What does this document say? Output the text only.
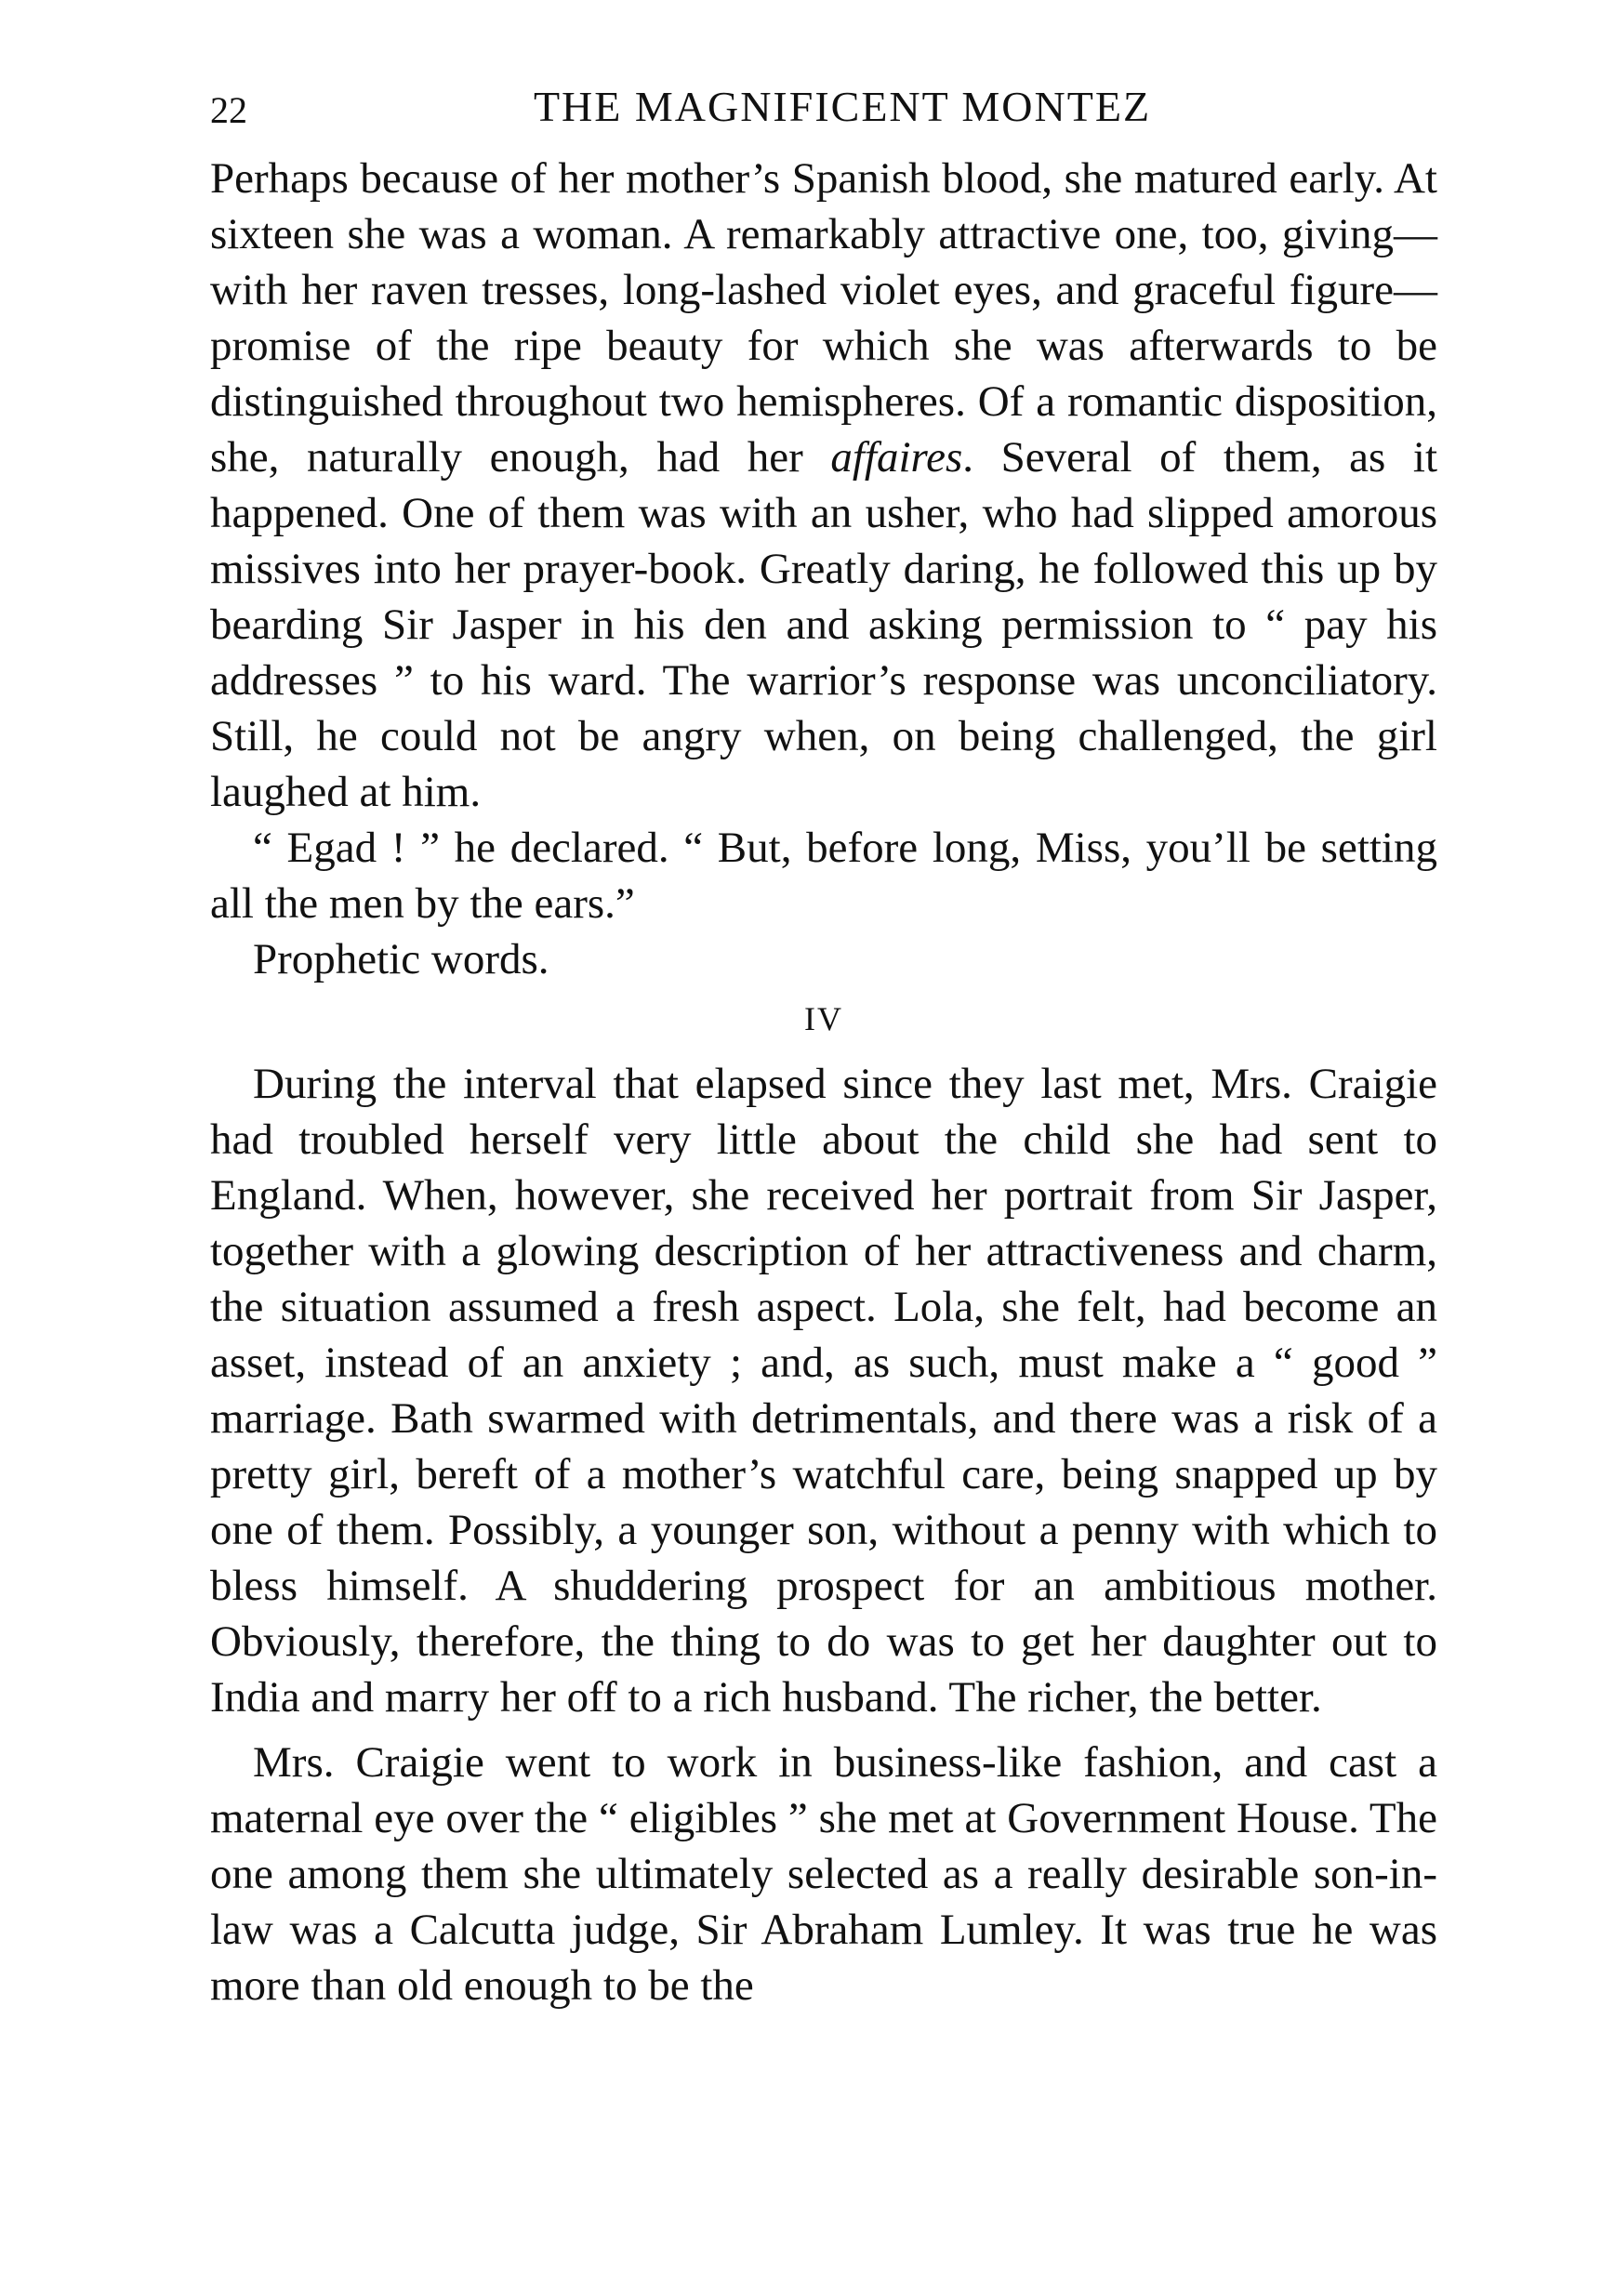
22	THE MAGNIFICENT MONTEZ

Perhaps because of her mother’s Spanish blood, she matured early. At sixteen she was a woman. A remarkably attractive one, too, giving—with her raven tresses, long-lashed violet eyes, and graceful figure—promise of the ripe beauty for which she was afterwards to be distinguished throughout two hemispheres. Of a romantic disposition, she, naturally enough, had her affaires. Several of them, as it happened. One of them was with an usher, who had slipped amorous missives into her prayer-book. Greatly daring, he followed this up by bearding Sir Jasper in his den and asking permission to “ pay his addresses ” to his ward. The warrior’s response was unconciliatory. Still, he could not be angry when, on being challenged, the girl laughed at him.

“ Egad ! ” he declared. “ But, before long, Miss, you’ll be setting all the men by the ears.”

Prophetic words.

IV

During the interval that elapsed since they last met, Mrs. Craigie had troubled herself very little about the child she had sent to England. When, however, she received her portrait from Sir Jasper, together with a glowing description of her attractiveness and charm, the situation assumed a fresh aspect. Lola, she felt, had become an asset, instead of an anxiety ; and, as such, must make a “ good ” marriage. Bath swarmed with detrimentals, and there was a risk of a pretty girl, bereft of a mother’s watchful care, being snapped up by one of them. Possibly, a younger son, without a penny with which to bless himself. A shuddering prospect for an ambitious mother. Obviously, therefore, the thing to do was to get her daughter out to India and marry her off to a rich husband. The richer, the better.

Mrs. Craigie went to work in business-like fashion, and cast a maternal eye over the “ eligibles ” she met at Government House. The one among them she ultimately selected as a really desirable son-in-law was a Calcutta judge, Sir Abraham Lumley. It was true he was more than old enough to be the
